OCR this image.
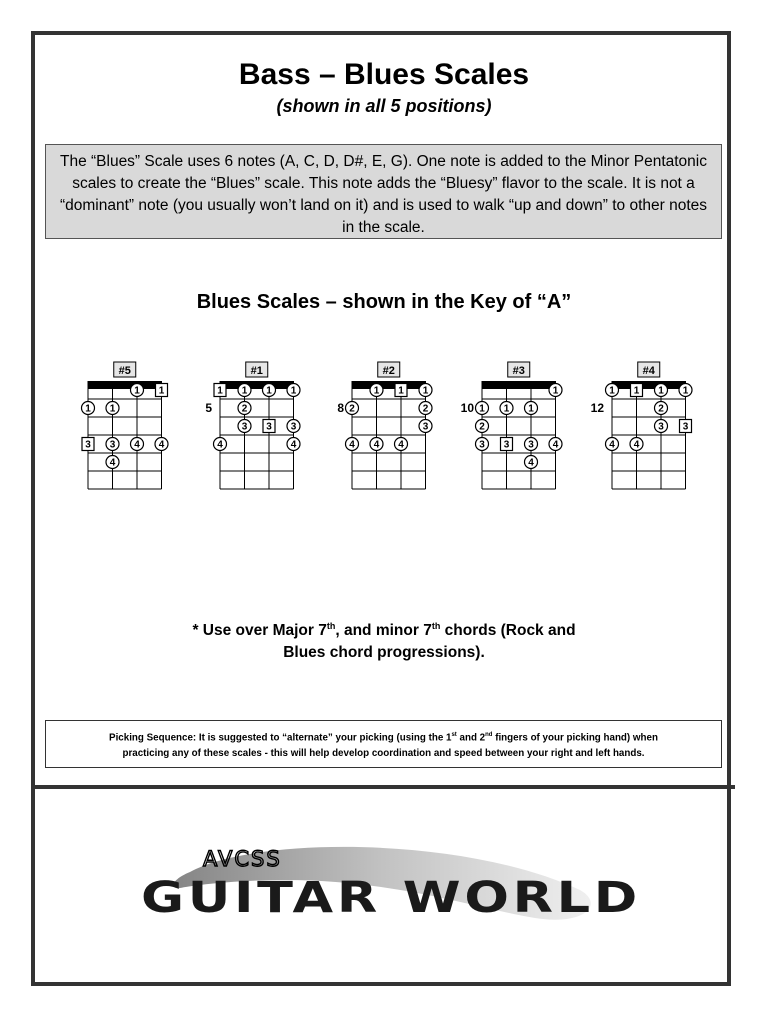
Bass – Blues Scales
(shown in all 5 positions)
The “Blues” Scale uses 6 notes (A, C, D, D#, E, G). One note is added to the Minor Pentatonic scales to create the “Blues” scale. This note adds the “Bluesy” flavor to the scale. It is not a “dominant” note (you usually won’t land on it) and is used to walk “up and down” to other notes in the scale.
Blues Scales – shown in the Key of “A”
#5
1 1
1 1
3 3 4 4
4
#1
5
1 1 1 1
2
3 3 3
4	4
#2
8
1 1 1
2	2
3
4 4 4
#3
10
1
1 1 1
2
3 3 3 4
4
#4
12
1 1 1 1
2
3 3
4 4
* Use over Major 7th, and minor 7th chords (Rock and
Blues chord progressions).
Picking Sequence: It is suggested to “alternate” your picking (using the 1st and 2nd fingers of your picking hand) when
practicing any of these scales - this will help develop coordination and speed between your right and left hands.
AVCSS
GUITAR WORLD
